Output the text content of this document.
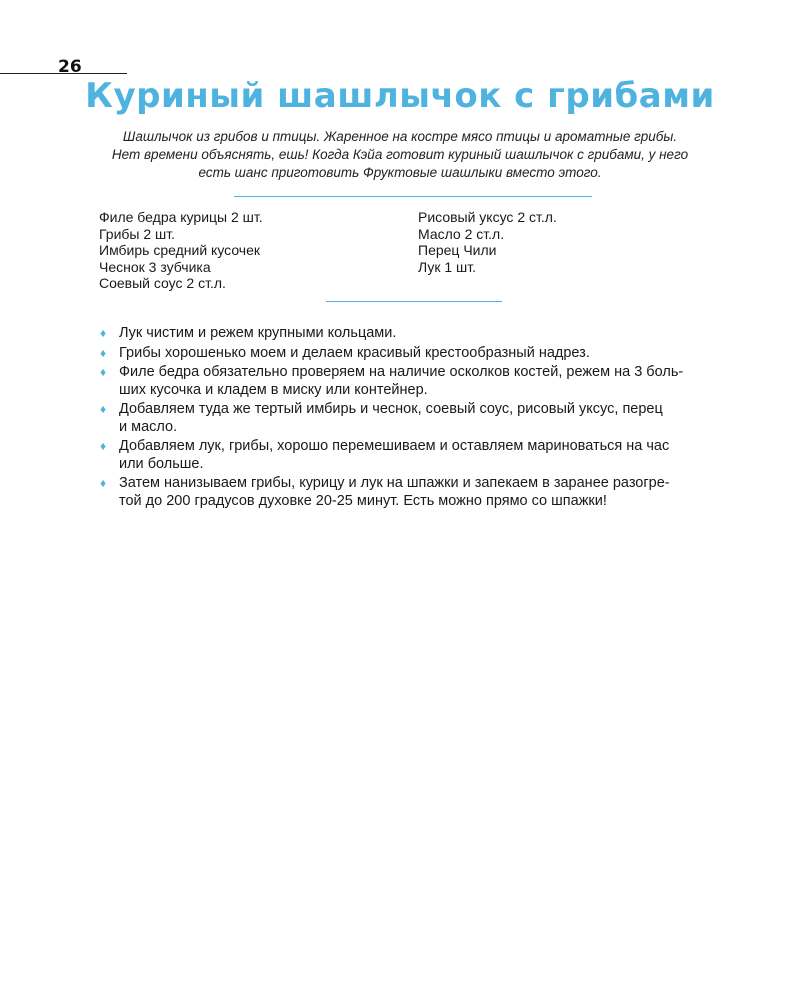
26
Куриный шашлычок с грибами

Шашлычок из грибов и птицы. Жаренное на костре мясо птицы и ароматные грибы. Нет времени объяснять, ешь! Когда Кэйа готовит куриный шашлычок с грибами, у него есть шанс приготовить Фруктовые шашлыки вместо этого.

Филе бедра курицы 2 шт.
Грибы 2 шт.
Имбирь средний кусочек
Чеснок 3 зубчика
Соевый соус 2 ст.л.
Рисовый уксус 2 ст.л.
Масло 2 ст.л.
Перец Чили
Лук 1 шт.
♦ Лук чистим и режем крупными кольцами.
♦ Грибы хорошенько моем и делаем красивый крестообразный надрез.
♦ Филе бедра обязательно проверяем на наличие осколков костей, режем на 3 боль-
ших кусочка и кладем в миску или контейнер.
♦ Добавляем туда же тертый имбирь и чеснок, соевый соус, рисовый уксус, перец
и масло.
♦ Добавляем лук, грибы, хорошо перемешиваем и оставляем мариноваться на час
или больше.
♦ Затем нанизываем грибы, курицу и лук на шпажки и запекаем в заранее разогре-
той до 200 градусов духовке 20-25 минут. Есть можно прямо со шпажки!
